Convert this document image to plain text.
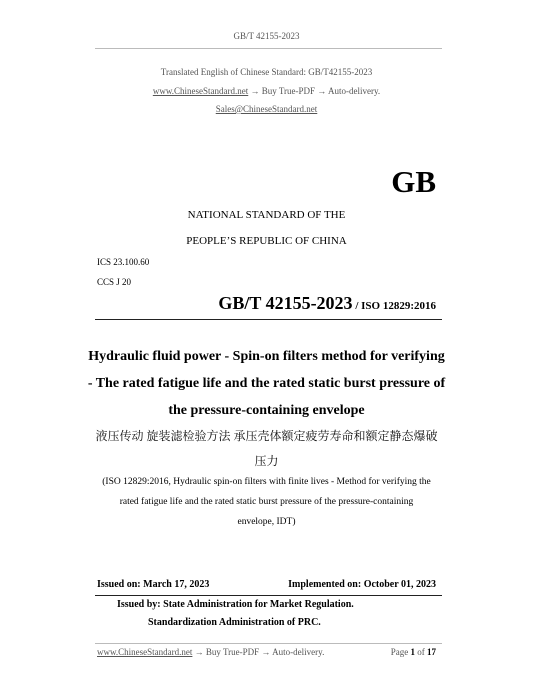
GB/T 42155-2023
Translated English of Chinese Standard: GB/T42155-2023
www.ChineseStandard.net → Buy True-PDF → Auto-delivery.
Sales@ChineseStandard.net
GB
NATIONAL STANDARD OF THE
PEOPLE’S REPUBLIC OF CHINA
ICS 23.100.60
CCS J 20
GB/T 42155-2023 / ISO 12829:2016
Hydraulic fluid power - Spin-on filters method for verifying
- The rated fatigue life and the rated static burst pressure of
the pressure-containing envelope
液压传动 旋装滤检验方法 承压壳体额定疲劳寿命和额定静态爆破
压力
(ISO 12829:2016, Hydraulic spin-on filters with finite lives - Method for verifying the
rated fatigue life and the rated static burst pressure of the pressure-containing
envelope, IDT)
Issued on: March 17, 2023	Implemented on: October 01, 2023
Issued by: State Administration for Market Regulation.
Standardization Administration of PRC.
www.ChineseStandard.net → Buy True-PDF → Auto-delivery.	Page 1 of 17
